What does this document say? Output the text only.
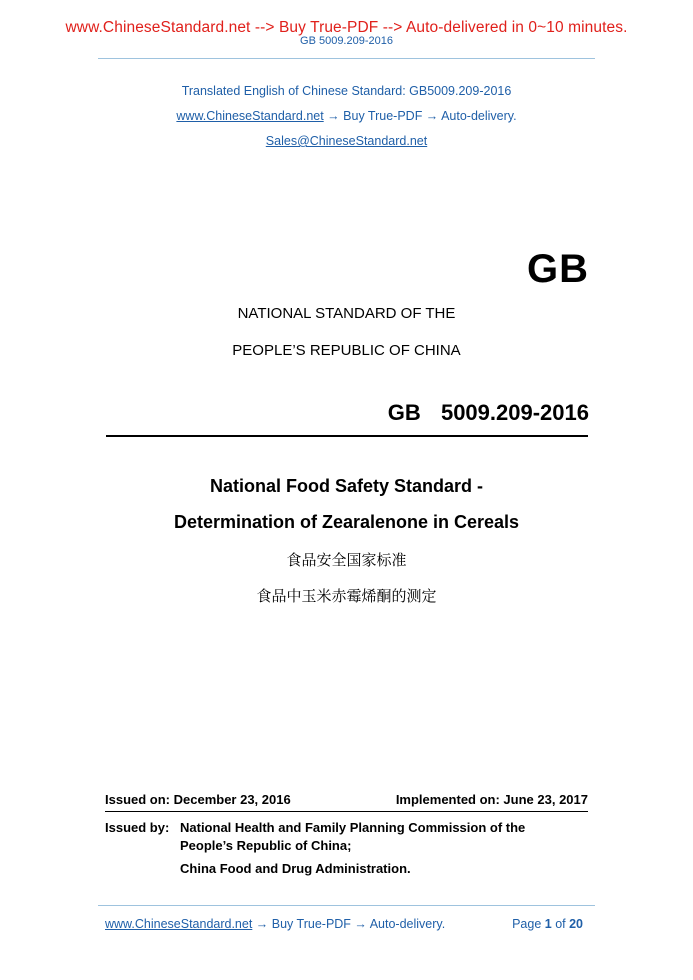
www.ChineseStandard.net --> Buy True-PDF --> Auto-delivered in 0~10 minutes.
GB 5009.209-2016
Translated English of Chinese Standard: GB5009.209-2016
www.ChineseStandard.net → Buy True-PDF → Auto-delivery.
Sales@ChineseStandard.net
GB
NATIONAL STANDARD OF THE
PEOPLE’S REPUBLIC OF CHINA
GB  5009.209-2016
National Food Safety Standard -
Determination of Zearalenone in Cereals
食品安全国家标准
食品中玉米赤霉烯酮的测定
Issued on: December 23, 2016	Implemented on: June 23, 2017
Issued by: National Health and Family Planning Commission of the
People’s Republic of China;
China Food and Drug Administration.
www.ChineseStandard.net → Buy True-PDF → Auto-delivery.	Page 1 of 20
